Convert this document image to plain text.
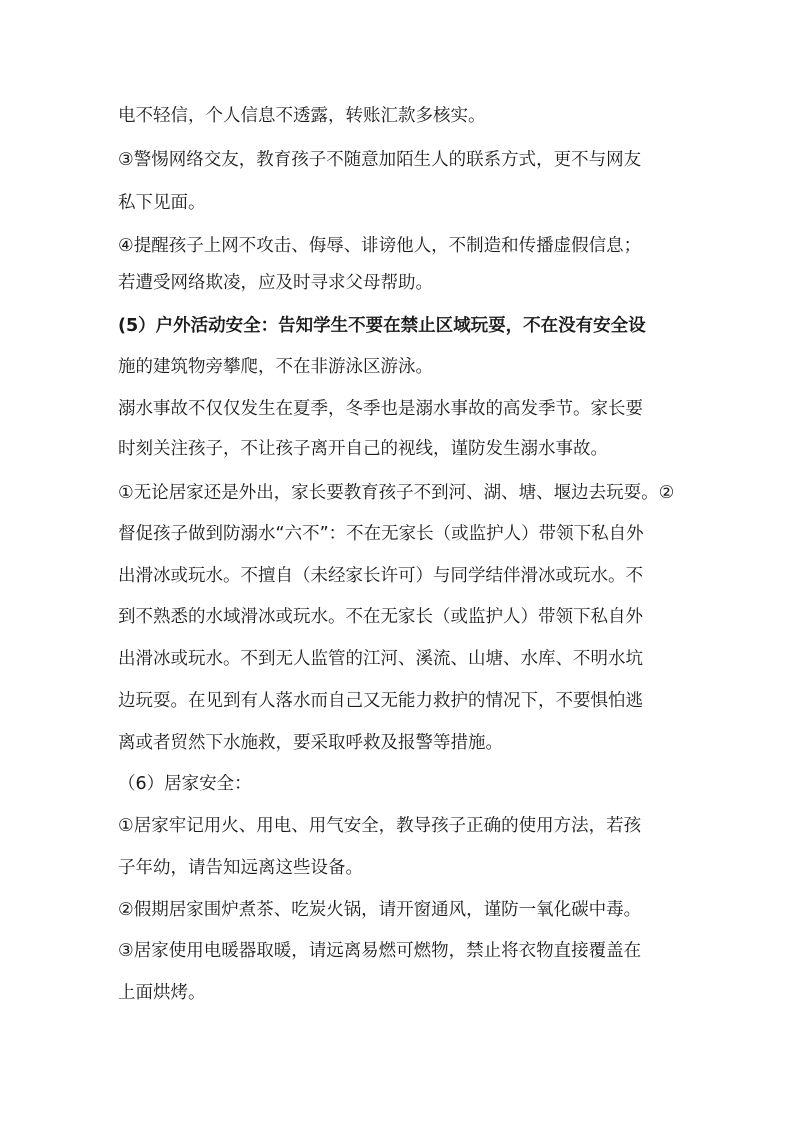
电不轻信，个人信息不透露，转账汇款多核实。
③警惕网络交友，教育孩子不随意加陌生人的联系方式，更不与网友
私下见面。
④提醒孩子上网不攻击、侮辱、诽谤他人，不制造和传播虚假信息；
若遭受网络欺凌，应及时寻求父母帮助。
(5）户外活动安全：告知学生不要在禁止区域玩耍，不在没有安全设
施的建筑物旁攀爬，不在非游泳区游泳。
溺水事故不仅仅发生在夏季，冬季也是溺水事故的高发季节。家长要
时刻关注孩子，不让孩子离开自己的视线，谨防发生溺水事故。
①无论居家还是外出，家长要教育孩子不到河、湖、塘、堰边去玩耍。②
督促孩子做到防溺水“六不”：不在无家长（或监护人）带领下私自外
出滑冰或玩水。不擅自（未经家长许可）与同学结伴滑冰或玩水。不
到不熟悉的水域滑冰或玩水。不在无家长（或监护人）带领下私自外
出滑冰或玩水。不到无人监管的江河、溪流、山塘、水库、不明水坑
边玩耍。在见到有人落水而自己又无能力救护的情况下，不要惧怕逃
离或者贸然下水施救，要采取呼救及报警等措施。
（6）居家安全：
①居家牢记用火、用电、用气安全，教导孩子正确的使用方法，若孩
子年幼，请告知远离这些设备。
②假期居家围炉煮茶、吃炭火锅，请开窗通风，谨防一氧化碳中毒。
③居家使用电暖器取暖，请远离易燃可燃物，禁止将衣物直接覆盖在
上面烘烤。
